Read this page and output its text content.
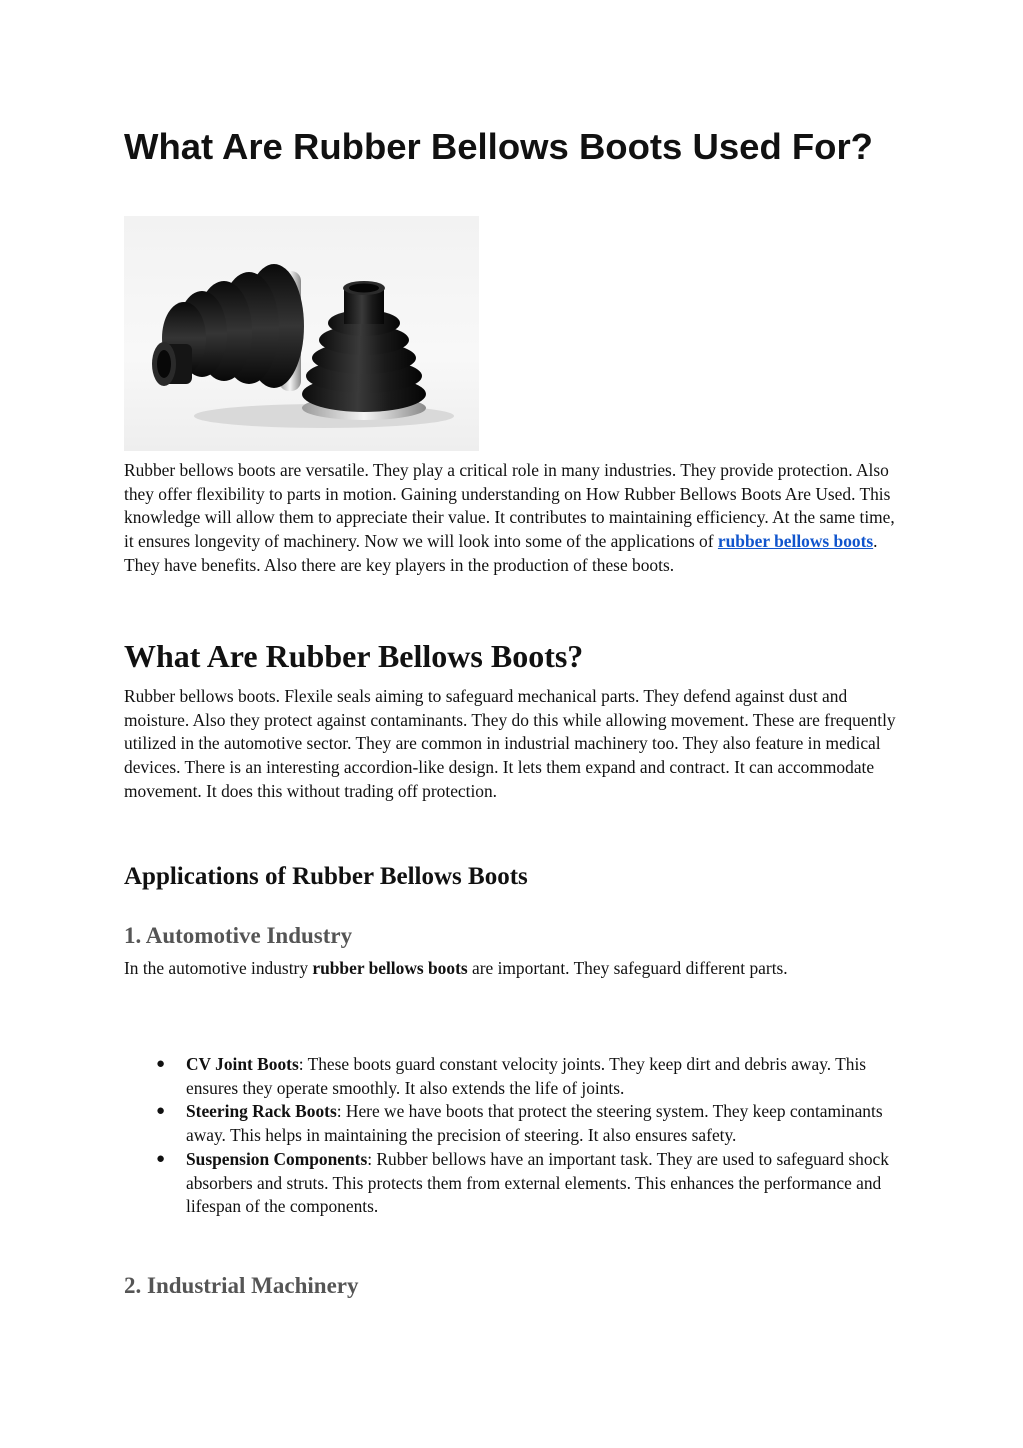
What Are Rubber Bellows Boots Used For?

Rubber bellows boots are versatile. They play a critical role in many industries. They provide protection. Also they offer flexibility to parts in motion. Gaining understanding on How Rubber Bellows Boots Are Used. This knowledge will allow them to appreciate their value. It contributes to maintaining efficiency. At the same time, it ensures longevity of machinery. Now we will look into some of the applications of rubber bellows boots. They have benefits. Also there are key players in the production of these boots.

What Are Rubber Bellows Boots?

Rubber bellows boots. Flexile seals aiming to safeguard mechanical parts. They defend against dust and moisture. Also they protect against contaminants. They do this while allowing movement. These are frequently utilized in the automotive sector. They are common in industrial machinery too. They also feature in medical devices. There is an interesting accordion-like design. It lets them expand and contract. It can accommodate movement. It does this without trading off protection.

Applications of Rubber Bellows Boots
1. Automotive Industry

In the automotive industry rubber bellows boots are important. They safeguard different parts.

● CV Joint Boots: These boots guard constant velocity joints. They keep dirt and debris away. This ensures they operate smoothly. It also extends the life of joints.
● Steering Rack Boots: Here we have boots that protect the steering system. They keep contaminants away. This helps in maintaining the precision of steering. It also ensures safety.
● Suspension Components: Rubber bellows have an important task. They are used to safeguard shock absorbers and struts. This protects them from external elements. This enhances the performance and lifespan of the components.
2. Industrial Machinery
